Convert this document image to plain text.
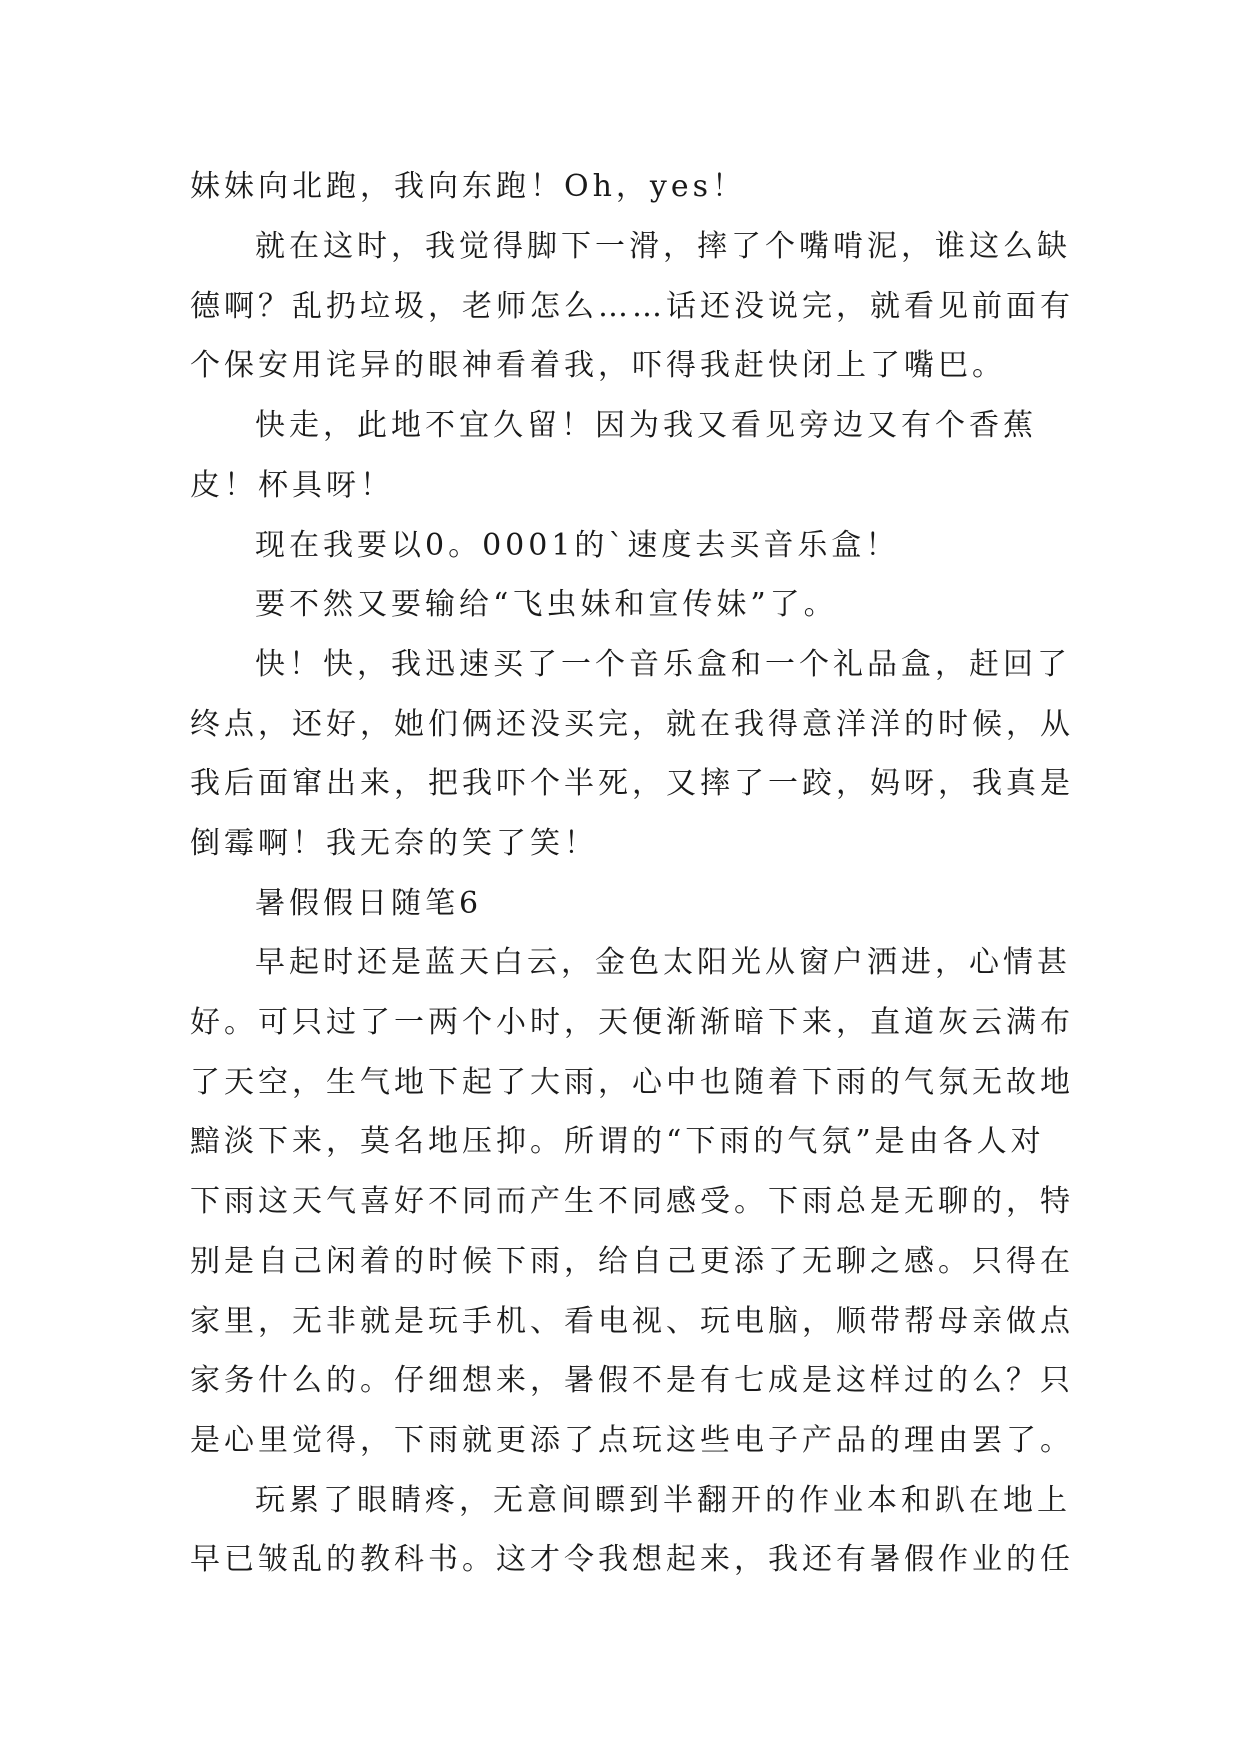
妹妹向北跑，我向东跑！Oh，yes！
就在这时，我觉得脚下一滑，摔了个嘴啃泥，谁这么缺
德啊？乱扔垃圾，老师怎么……话还没说完，就看见前面有
个保安用诧异的眼神看着我，吓得我赶快闭上了嘴巴。
快走，此地不宜久留！因为我又看见旁边又有个香蕉
皮！杯具呀！
现在我要以0。0001的`速度去买音乐盒！
要不然又要输给“飞虫妹和宣传妹”了。
快！快，我迅速买了一个音乐盒和一个礼品盒，赶回了
终点，还好，她们俩还没买完，就在我得意洋洋的时候，从
我后面窜出来，把我吓个半死，又摔了一跤，妈呀，我真是
倒霉啊！我无奈的笑了笑！
暑假假日随笔6
早起时还是蓝天白云，金色太阳光从窗户洒进，心情甚
好。可只过了一两个小时，天便渐渐暗下来，直道灰云满布
了天空，生气地下起了大雨，心中也随着下雨的气氛无故地
黯淡下来，莫名地压抑。所谓的“下雨的气氛”是由各人对
下雨这天气喜好不同而产生不同感受。下雨总是无聊的，特
别是自己闲着的时候下雨，给自己更添了无聊之感。只得在
家里，无非就是玩手机、看电视、玩电脑，顺带帮母亲做点
家务什么的。仔细想来，暑假不是有七成是这样过的么？只
是心里觉得，下雨就更添了点玩这些电子产品的理由罢了。
玩累了眼睛疼，无意间瞟到半翻开的作业本和趴在地上
早已皱乱的教科书。这才令我想起来，我还有暑假作业的任
